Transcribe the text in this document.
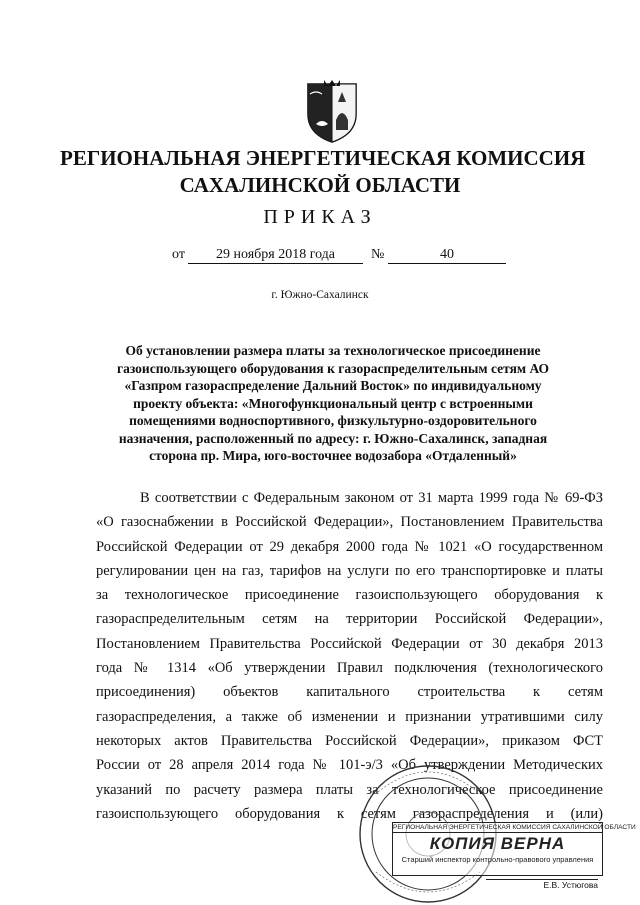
РЕГИОНАЛЬНАЯ ЭНЕРГЕТИЧЕСКАЯ КОМИССИЯ
САХАЛИНСКОЙ ОБЛАСТИ
ПРИКАЗ
от	29 ноября 2018 года	№	40
г. Южно-Сахалинск
Об установлении размера платы за технологическое присоединение
газоиспользующего оборудования к газораспределительным сетям АО
«Газпром газораспределение Дальний Восток» по индивидуальному
проекту объекта: «Многофункциональный центр с встроенными
помещениями водноспортивного, физкультурно-оздоровительного
назначения, расположенный по адресу: г. Южно-Сахалинск, западная
сторона пр. Мира, юго-восточнее водозабора «Отдаленный»
В соответствии с Федеральным законом от 31 марта 1999 года № 69-ФЗ
«О газоснабжении в Российской Федерации», Постановлением Правительства
Российской Федерации от 29 декабря 2000 года № 1021 «О государственном
регулировании цен на газ, тарифов на услуги по его транспортировке и платы
за технологическое присоединение газоиспользующего оборудования к
газораспределительным сетям на территории Российской Федерации»,
Постановлением Правительства Российской Федерации от 30 декабря 2013
года № 1314 «Об утверждении Правил подключения (технологического
присоединения) объектов капитального строительства к сетям
газораспределения, а также об изменении и признании утратившими силу
некоторых актов Правительства Российской Федерации», приказом ФСТ
России от 28 апреля 2014 года № 101-э/3 «Об утверждении Методических
указаний по расчету размера платы за технологическое присоединение
газоиспользующего оборудования к сетям газораспределения и (или)
РЕГИОНАЛЬНАЯ ЭНЕРГЕТИЧЕСКАЯ КОМИССИЯ САХАЛИНСКОЙ ОБЛАСТИ
КОПИЯ ВЕРНА
Старший инспектор контрольно-правового управления
Е.В. Устюгова
